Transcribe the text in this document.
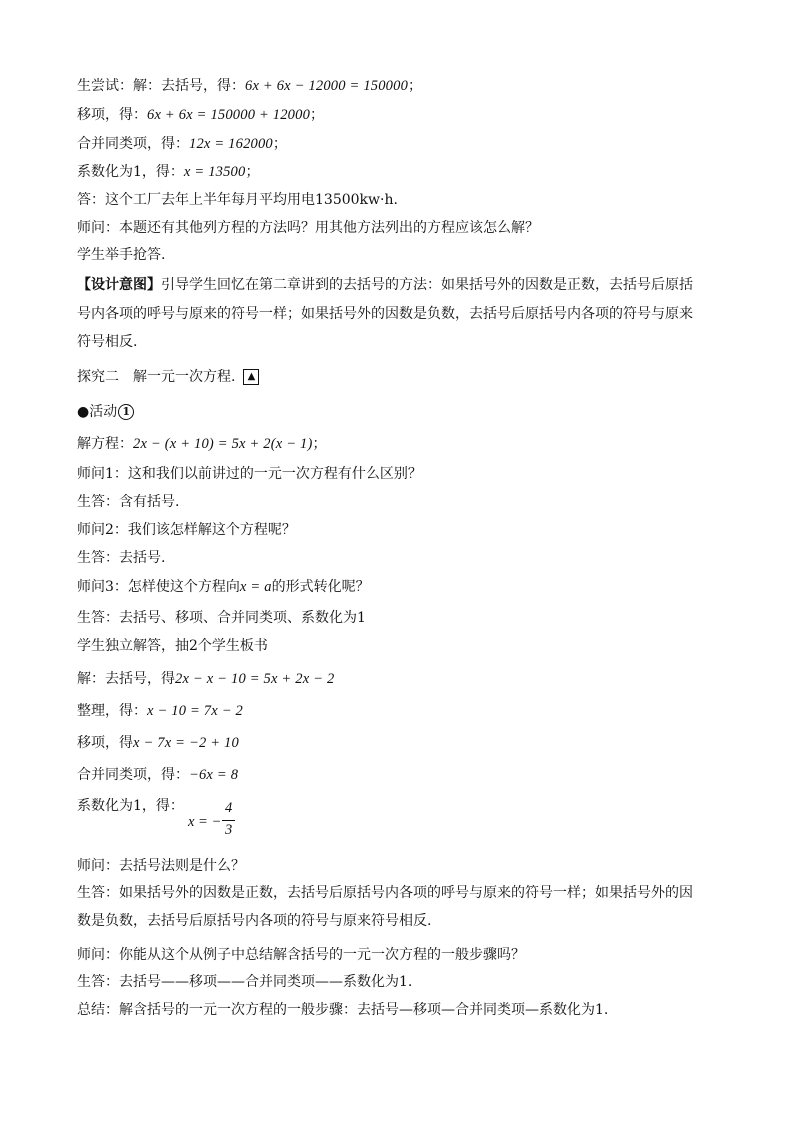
生尝试：解：去括号，得：6x + 6x − 12000 = 150000；
移项，得：6x + 6x = 150000 + 12000；
合并同类项，得：12x = 162000；
系数化为1，得：x = 13500；
答：这个工厂去年上半年每月平均用电13500kw·h.
师问：本题还有其他列方程的方法吗？用其他方法列出的方程应该怎么解？
学生举手抢答.
【设计意图】引导学生回忆在第二章讲到的去括号的方法：如果括号外的因数是正数，去括号后原括
号内各项的呼号与原来的符号一样；如果括号外的因数是负数，去括号后原括号内各项的符号与原来
符号相反.
探究二　解一元一次方程. ▲
●活动 1
解方程：2x − (x + 10) = 5x + 2(x − 1)；
师问1：这和我们以前讲过的一元一次方程有什么区别？
生答：含有括号.
师问2：我们该怎样解这个方程呢？
生答：去括号.
师问3：怎样使这个方程向x = a的形式转化呢？
生答：去括号、移项、合并同类项、系数化为1
学生独立解答，抽2个学生板书
解：去括号，得2x − x − 10 = 5x + 2x − 2
整理，得：x − 10 = 7x − 2
移项，得x − 7x = −2 + 10
合并同类项，得：−6x = 8
系数化为1，得：
x = −
4
3
师问：去括号法则是什么？
生答：如果括号外的因数是正数，去括号后原括号内各项的呼号与原来的符号一样；如果括号外的因
数是负数，去括号后原括号内各项的符号与原来符号相反.
师问：你能从这个从例子中总结解含括号的一元一次方程的一般步骤吗？
生答：去括号——移项——合并同类项——系数化为1.
总结：解含括号的一元一次方程的一般步骤：去括号—移项—合并同类项—系数化为1.
